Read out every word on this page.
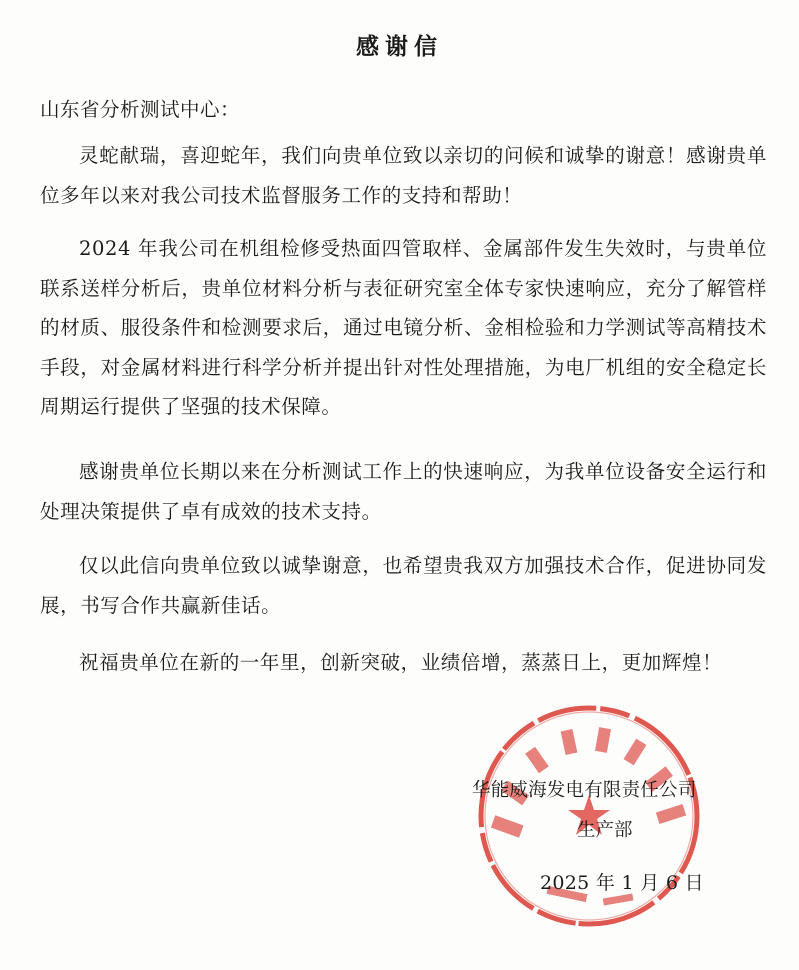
感谢信
山东省分析测试中心：

灵蛇献瑞，喜迎蛇年，我们向贵单位致以亲切的问候和诚挚的谢意！感谢贵单位多年以来对我公司技术监督服务工作的支持和帮助！

2024 年我公司在机组检修受热面四管取样、金属部件发生失效时，与贵单位联系送样分析后，贵单位材料分析与表征研究室全体专家快速响应，充分了解管样的材质、服役条件和检测要求后，通过电镜分析、金相检验和力学测试等高精技术手段，对金属材料进行科学分析并提出针对性处理措施，为电厂机组的安全稳定长周期运行提供了坚强的技术保障。

感谢贵单位长期以来在分析测试工作上的快速响应，为我单位设备安全运行和处理决策提供了卓有成效的技术支持。

仅以此信向贵单位致以诚挚谢意，也希望贵我双方加强技术合作，促进协同发展，书写合作共赢新佳话。

祝福贵单位在新的一年里，创新突破，业绩倍增，蒸蒸日上，更加辉煌！

华能威海发电有限责任公司
生产部
2025 年 1 月 6 日
